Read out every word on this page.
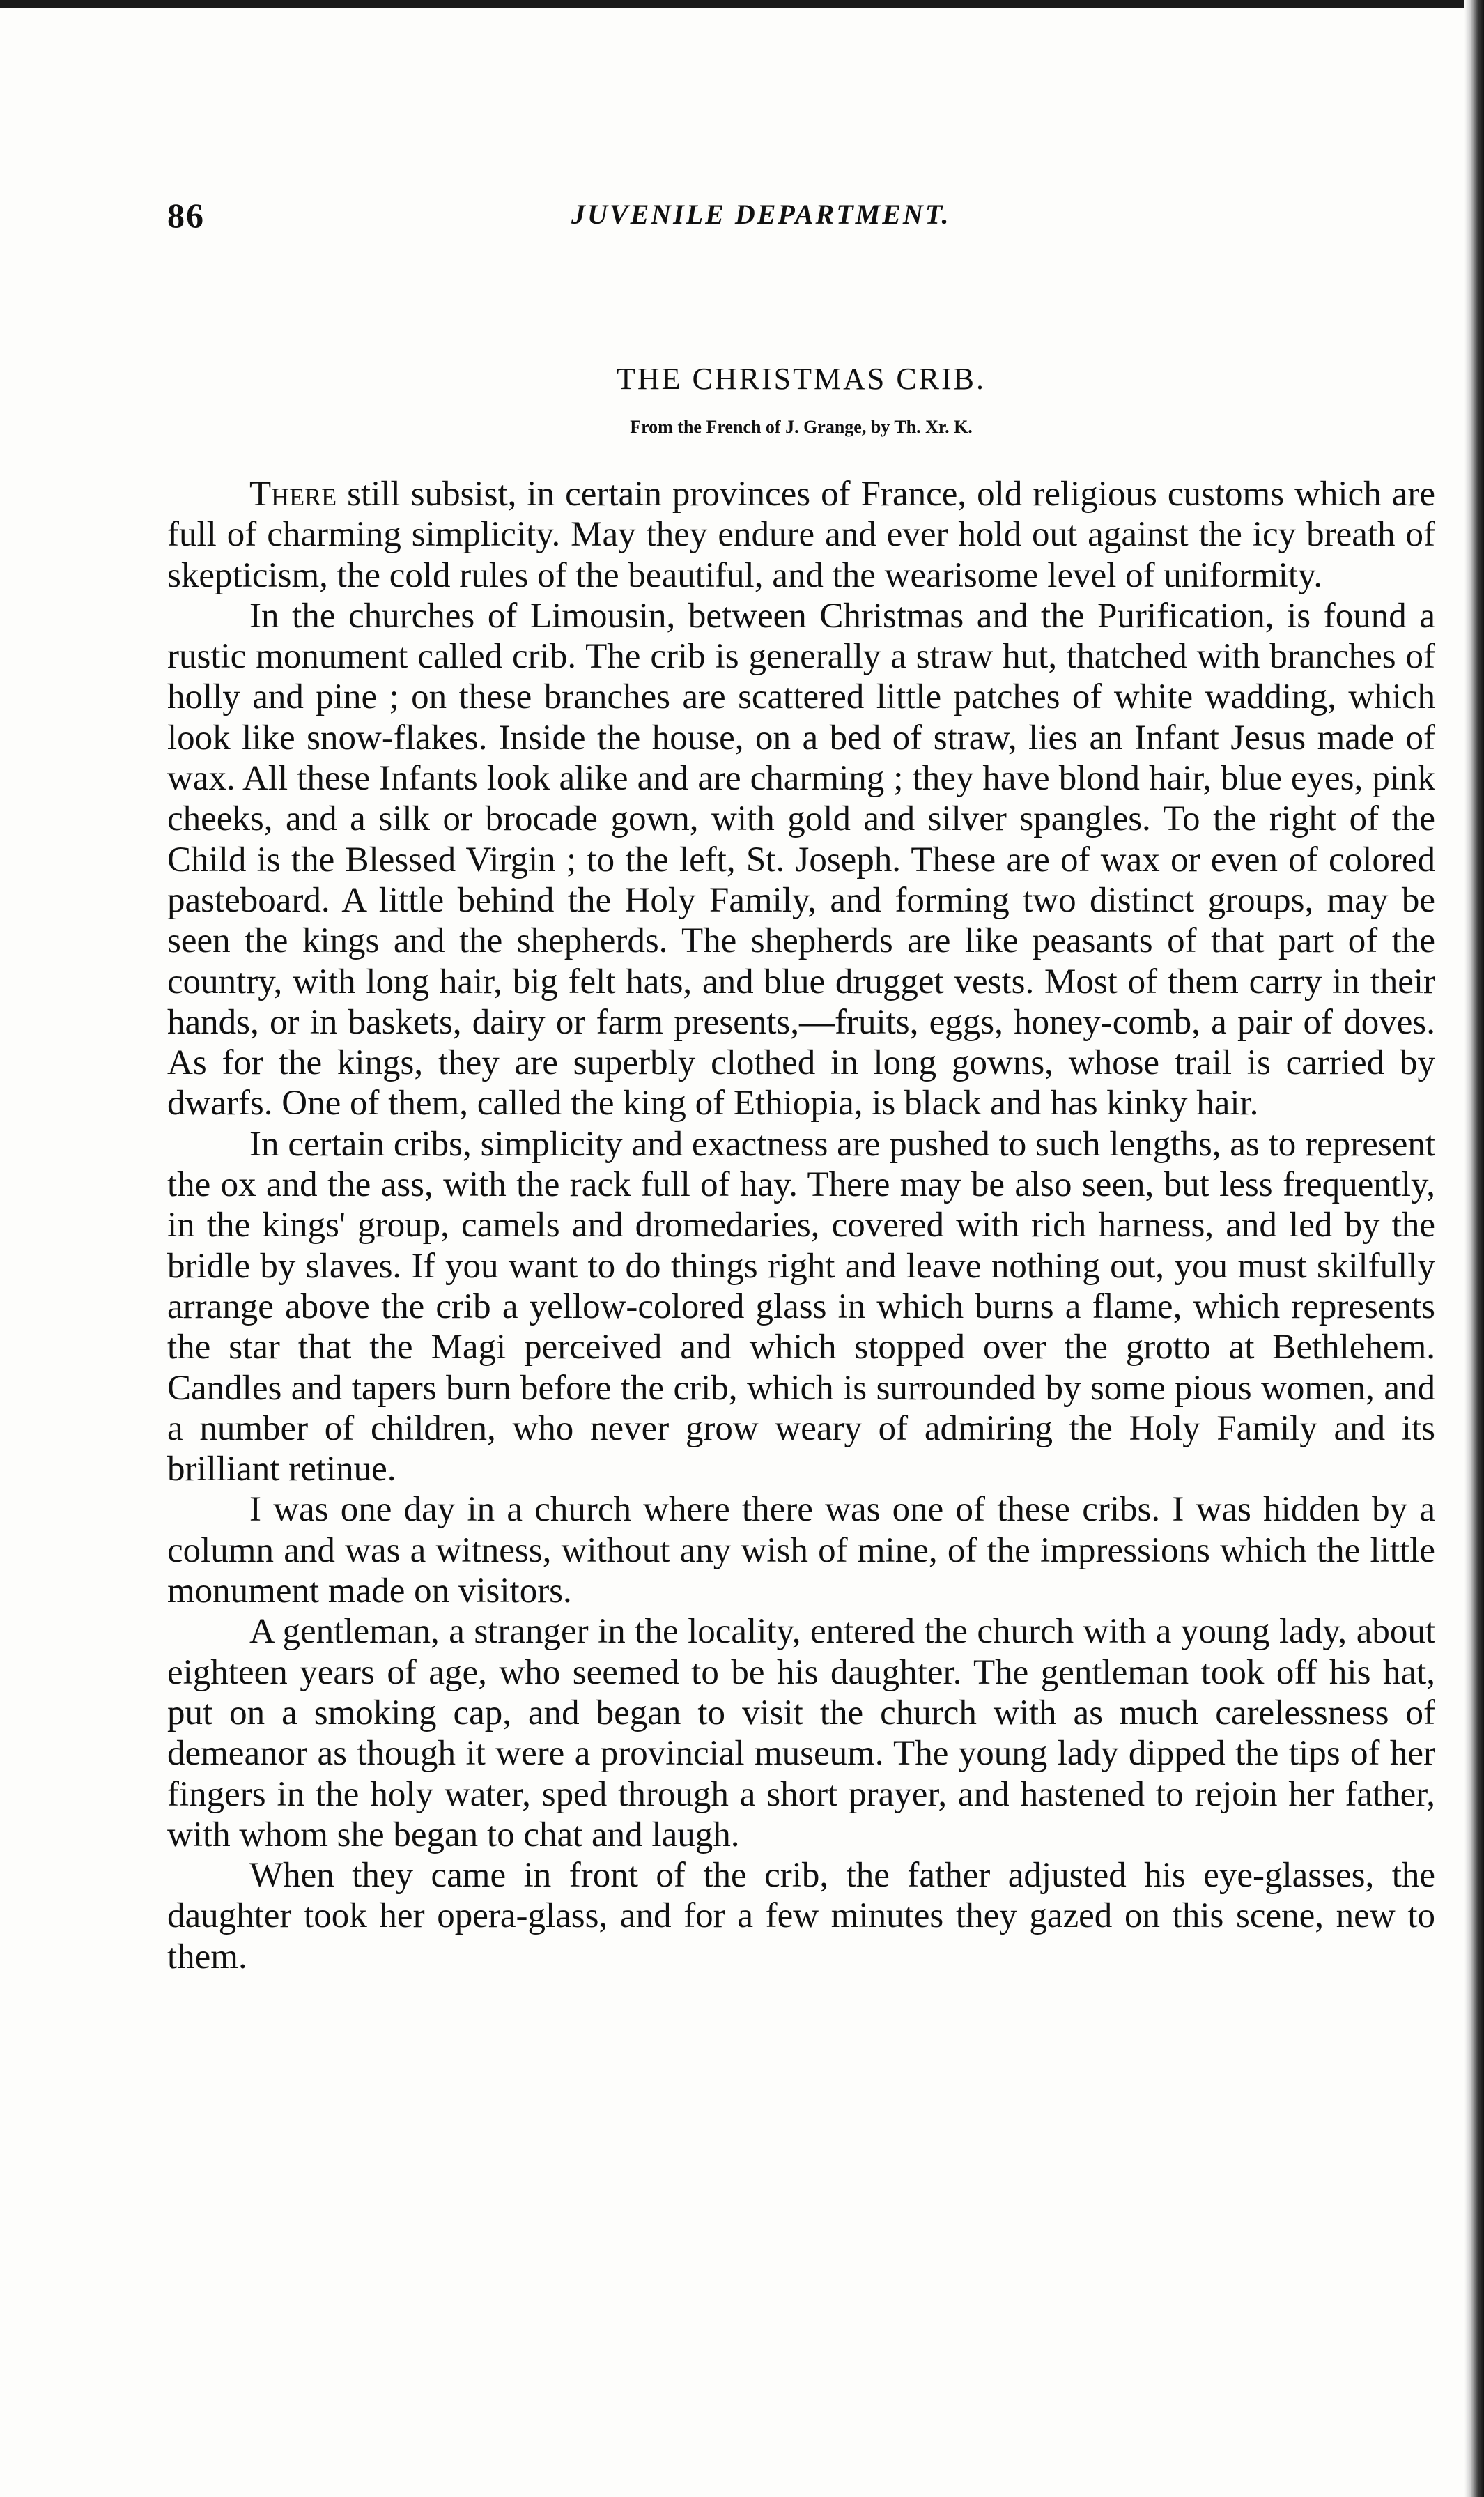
86	JUVENILE DEPARTMENT.
THE CHRISTMAS CRIB.
From the French of J. Grange, by Th. Xr. K.

There still subsist, in certain provinces of France, old religious customs which are full of charming simplicity. May they endure and ever hold out against the icy breath of skepticism, the cold rules of the beautiful, and the wearisome level of uniformity.

In the churches of Limousin, between Christmas and the Purification, is found a rustic monument called crib. The crib is generally a straw hut, thatched with branches of holly and pine ; on these branches are scattered little patches of white wadding, which look like snow-flakes. Inside the house, on a bed of straw, lies an Infant Jesus made of wax. All these Infants look alike and are charming ; they have blond hair, blue eyes, pink cheeks, and a silk or brocade gown, with gold and silver spangles. To the right of the Child is the Blessed Virgin ; to the left, St. Joseph. These are of wax or even of colored pasteboard. A little behind the Holy Family, and forming two distinct groups, may be seen the kings and the shepherds. The shepherds are like peasants of that part of the country, with long hair, big felt hats, and blue drugget vests. Most of them carry in their hands, or in baskets, dairy or farm presents,—fruits, eggs, honey-comb, a pair of doves. As for the kings, they are superbly clothed in long gowns, whose trail is carried by dwarfs. One of them, called the king of Ethiopia, is black and has kinky hair.

In certain cribs, simplicity and exactness are pushed to such lengths, as to represent the ox and the ass, with the rack full of hay. There may be also seen, but less frequently, in the kings' group, camels and dromedaries, covered with rich harness, and led by the bridle by slaves. If you want to do things right and leave nothing out, you must skilfully arrange above the crib a yellow-colored glass in which burns a flame, which represents the star that the Magi perceived and which stopped over the grotto at Bethlehem. Candles and tapers burn before the crib, which is surrounded by some pious women, and a number of children, who never grow weary of admiring the Holy Family and its brilliant retinue.

I was one day in a church where there was one of these cribs. I was hidden by a column and was a witness, without any wish of mine, of the impressions which the little monument made on visitors.

A gentleman, a stranger in the locality, entered the church with a young lady, about eighteen years of age, who seemed to be his daughter. The gentleman took off his hat, put on a smoking cap, and began to visit the church with as much carelessness of demeanor as though it were a provincial museum. The young lady dipped the tips of her fingers in the holy water, sped through a short prayer, and hastened to rejoin her father, with whom she began to chat and laugh.

When they came in front of the crib, the father adjusted his eye-glasses, the daughter took her opera-glass, and for a few minutes they gazed on this scene, new to them.
